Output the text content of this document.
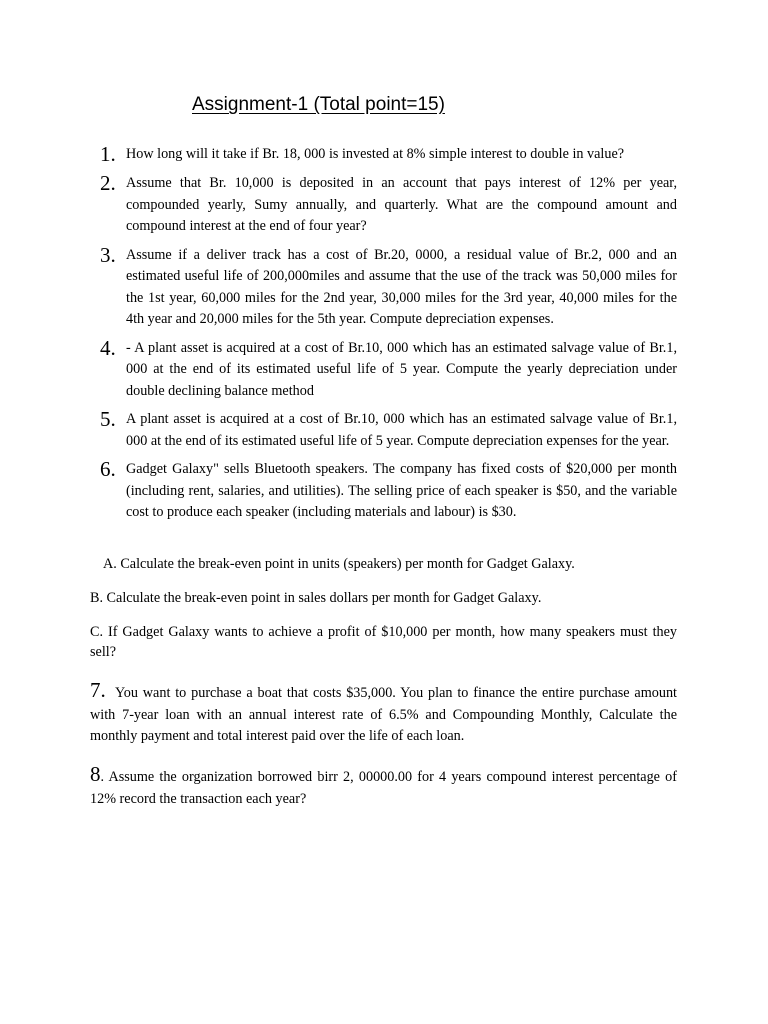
Assignment-1 (Total point=15)
1. How long will it take if Br. 18, 000 is invested at 8% simple interest to double in value?
2. Assume that Br. 10,000 is deposited in an account that pays interest of 12% per year, compounded yearly, Sumy annually, and quarterly. What are the compound amount and compound interest at the end of four year?
3. Assume if a deliver track has a cost of Br.20, 0000, a residual value of Br.2, 000 and an estimated useful life of 200,000miles and assume that the use of the track was 50,000 miles for the 1st year, 60,000 miles for the 2nd year, 30,000 miles for the 3rd year, 40,000 miles for the 4th year and 20,000 miles for the 5th year. Compute depreciation expenses.
4. - A plant asset is acquired at a cost of Br.10, 000 which has an estimated salvage value of Br.1, 000 at the end of its estimated useful life of 5 year. Compute the yearly depreciation under double declining balance method
5. A plant asset is acquired at a cost of Br.10, 000 which has an estimated salvage value of Br.1, 000 at the end of its estimated useful life of 5 year. Compute depreciation expenses for the year.
6. Gadget Galaxy" sells Bluetooth speakers. The company has fixed costs of $20,000 per month (including rent, salaries, and utilities). The selling price of each speaker is $50, and the variable cost to produce each speaker (including materials and labour) is $30.

A. Calculate the break-even point in units (speakers) per month for Gadget Galaxy.

B. Calculate the break-even point in sales dollars per month for Gadget Galaxy.

C. If Gadget Galaxy wants to achieve a profit of $10,000 per month, how many speakers must they sell?

7. You want to purchase a boat that costs $35,000. You plan to finance the entire purchase amount with 7-year loan with an annual interest rate of 6.5% and Compounding Monthly, Calculate the monthly payment and total interest paid over the life of each loan.

8. Assume the organization borrowed birr 2, 00000.00 for 4 years compound interest percentage of 12% record the transaction each year?
